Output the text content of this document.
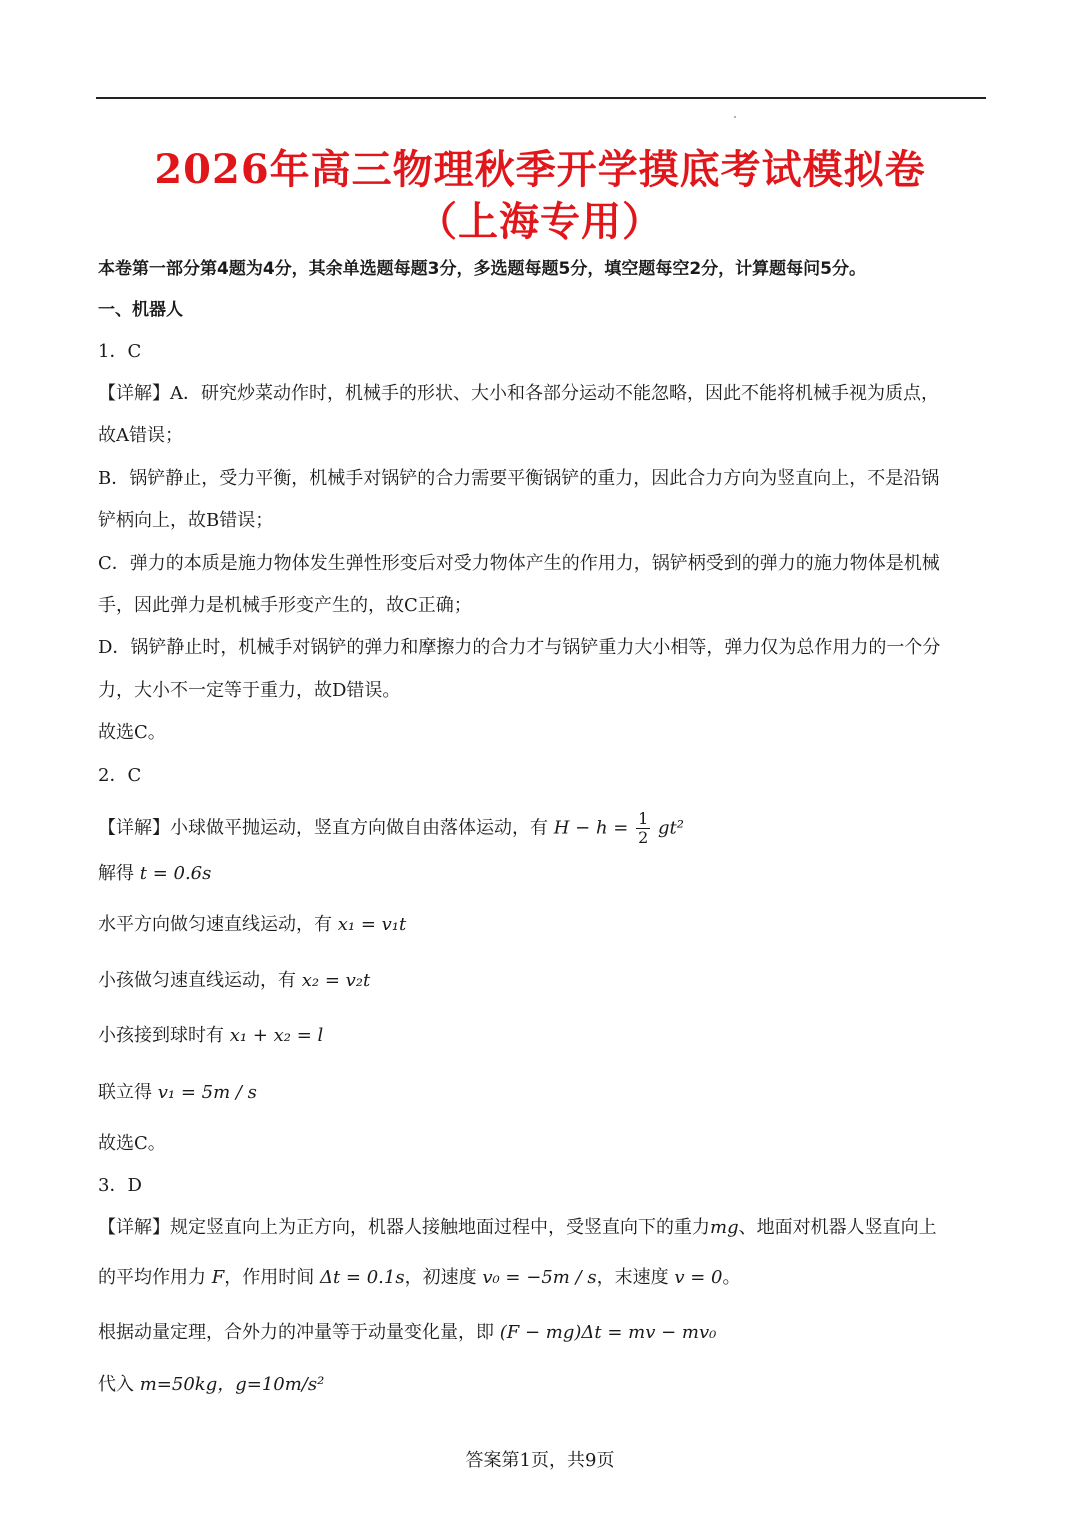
2026年高三物理秋季开学摸底考试模拟卷
（上海专用）
本卷第一部分第4题为4分，其余单选题每题3分，多选题每题5分，填空题每空2分，计算题每问5分。
一、机器人
1．C
【详解】A．研究炒菜动作时，机械手的形状、大小和各部分运动不能忽略，因此不能将机械手视为质点，
故A错误；
B．锅铲静止，受力平衡，机械手对锅铲的合力需要平衡锅铲的重力，因此合力方向为竖直向上，不是沿锅
铲柄向上，故B错误；
C．弹力的本质是施力物体发生弹性形变后对受力物体产生的作用力，锅铲柄受到的弹力的施力物体是机械
手，因此弹力是机械手形变产生的，故C正确；
D．锅铲静止时，机械手对锅铲的弹力和摩擦力的合力才与锅铲重力大小相等，弹力仅为总作用力的一个分
力，大小不一定等于重力，故D错误。
故选C。
2．C
【详解】小球做平抛运动，竖直方向做自由落体运动，有 $H - h = \frac{1}{2} gt^2$
解得 t = 0.6s
水平方向做匀速直线运动，有 x₁ = v₁t
小孩做匀速直线运动，有 x₂ = v₂t
小孩接到球时有 x₁ + x₂ = l
联立得 v₁ = 5m / s
故选C。
3．D
【详解】规定竖直向上为正方向，机器人接触地面过程中，受竖直向下的重力mg、地面对机器人竖直向上
的平均作用力 F，作用时间 Δt = 0.1s，初速度 v₀ = −5m / s，末速度 v = 0。
根据动量定理，合外力的冲量等于动量变化量，即 (F − mg)Δt = mv − mv₀
代入 m=50kg，g=10m/s²
答案第1页，共9页
